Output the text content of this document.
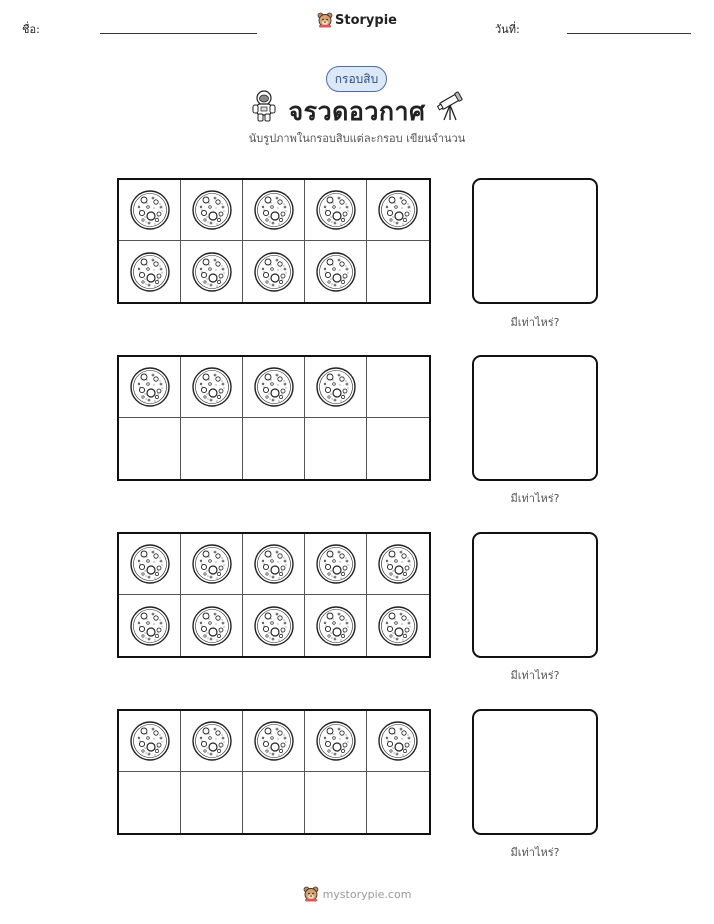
ชื่อ:
Storypie
วันที่:
กรอบสิบ
จรวดอวกาศ
นับรูปภาพในกรอบสิบแต่ละกรอบ เขียนจำนวน
มีเท่าไหร่?
มีเท่าไหร่?
มีเท่าไหร่?
มีเท่าไหร่?
mystorypie.com
